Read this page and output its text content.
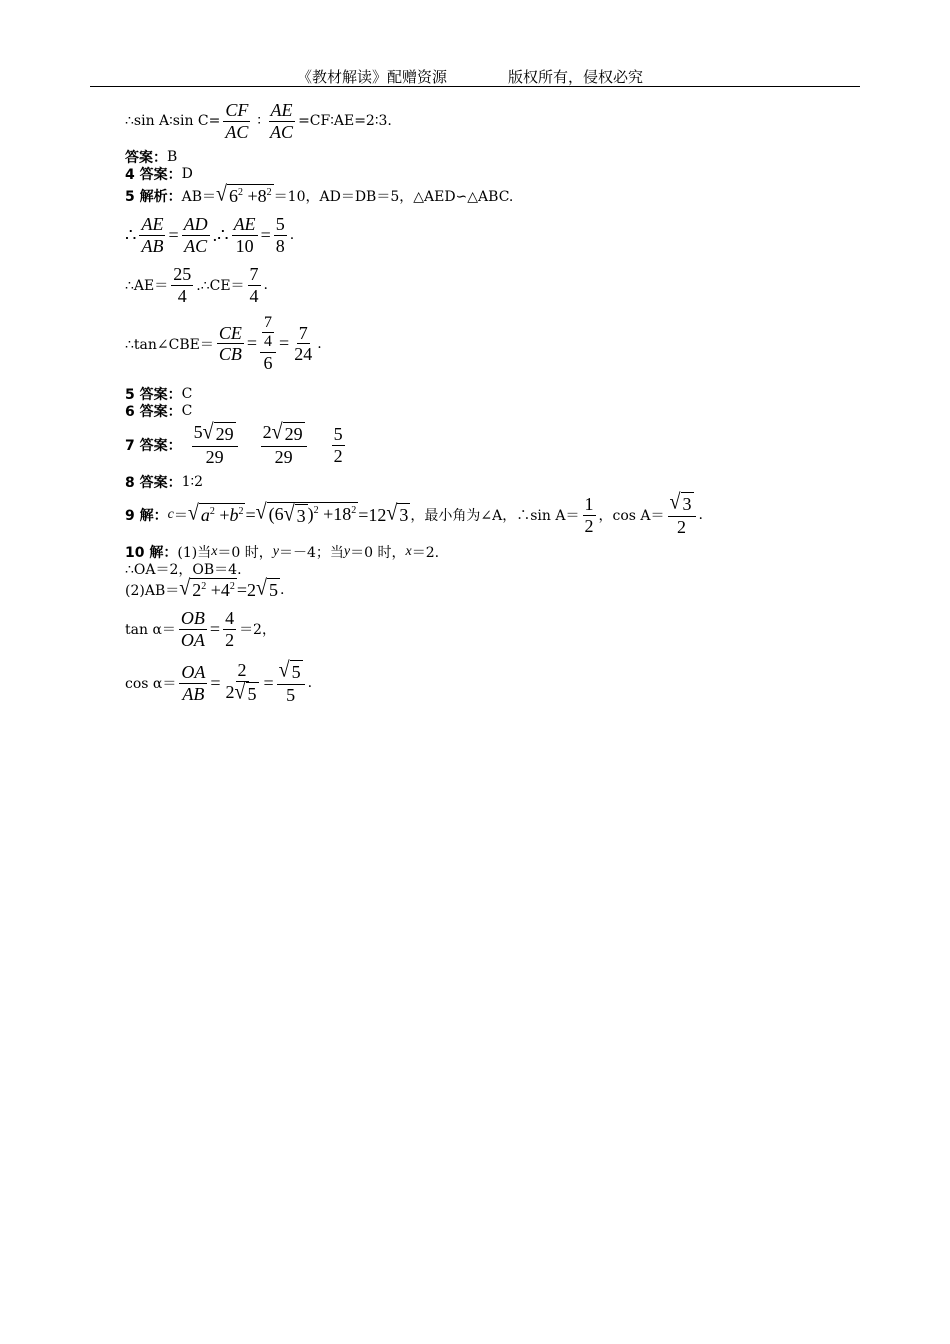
《教材解读》配赠资源	版权所有，侵权必究
∴sin A∶sin $C= \frac{CF}{AC}$ ∶ $\frac{AE}{AC}$ =CF∶AE=2∶3.
答案： B
4 答案： D
5 解析： AB＝ √ $6^2 +8^2 =10$，AD＝DB＝5，△AED∽△ABC.
∴ $\frac{AE}{AB} = \frac{AD}{AC}$ .∴ $\frac{AE}{10} = \frac{5}{8}$ .
∴AE＝ $\frac{25}{4}$ .∴CE＝ $\frac{7}{4}$ .
∴tan∠CBE＝ $\frac{CE}{CB} = \frac{\frac{7}{4}}{6} = \frac{7}{24}$ .
5 答案： C
6 答案： C
7 答案： $\frac{5 √ 29}{29} \frac{2 √ 29}{29} \frac{5}{2}$
8 答案： 1∶2
9 解： c ＝ √ $a^2 +b^2$ = √ (6 √ 3 )$^2 +18^2 =12$ √ 3 ，最小角为∠A，∴sin $A= \frac{1}{2}$ ，$\cos A= \frac{√ 3}{2}$ .
10 解： (1)当 x ＝0 时， y ＝－4；当 y ＝0 时， x ＝2.
∴OA＝2，OB＝4.
(2)AB＝ √ $2^2 +4^2 =2$ √ 5 .
$\tan \alpha= \frac{OB}{OA} = \frac{4}{2} =2$，
$\cos \alpha= \frac{OA}{AB} = \frac{2}{2 √ 5} = \frac{√ 5}{5}$ .
